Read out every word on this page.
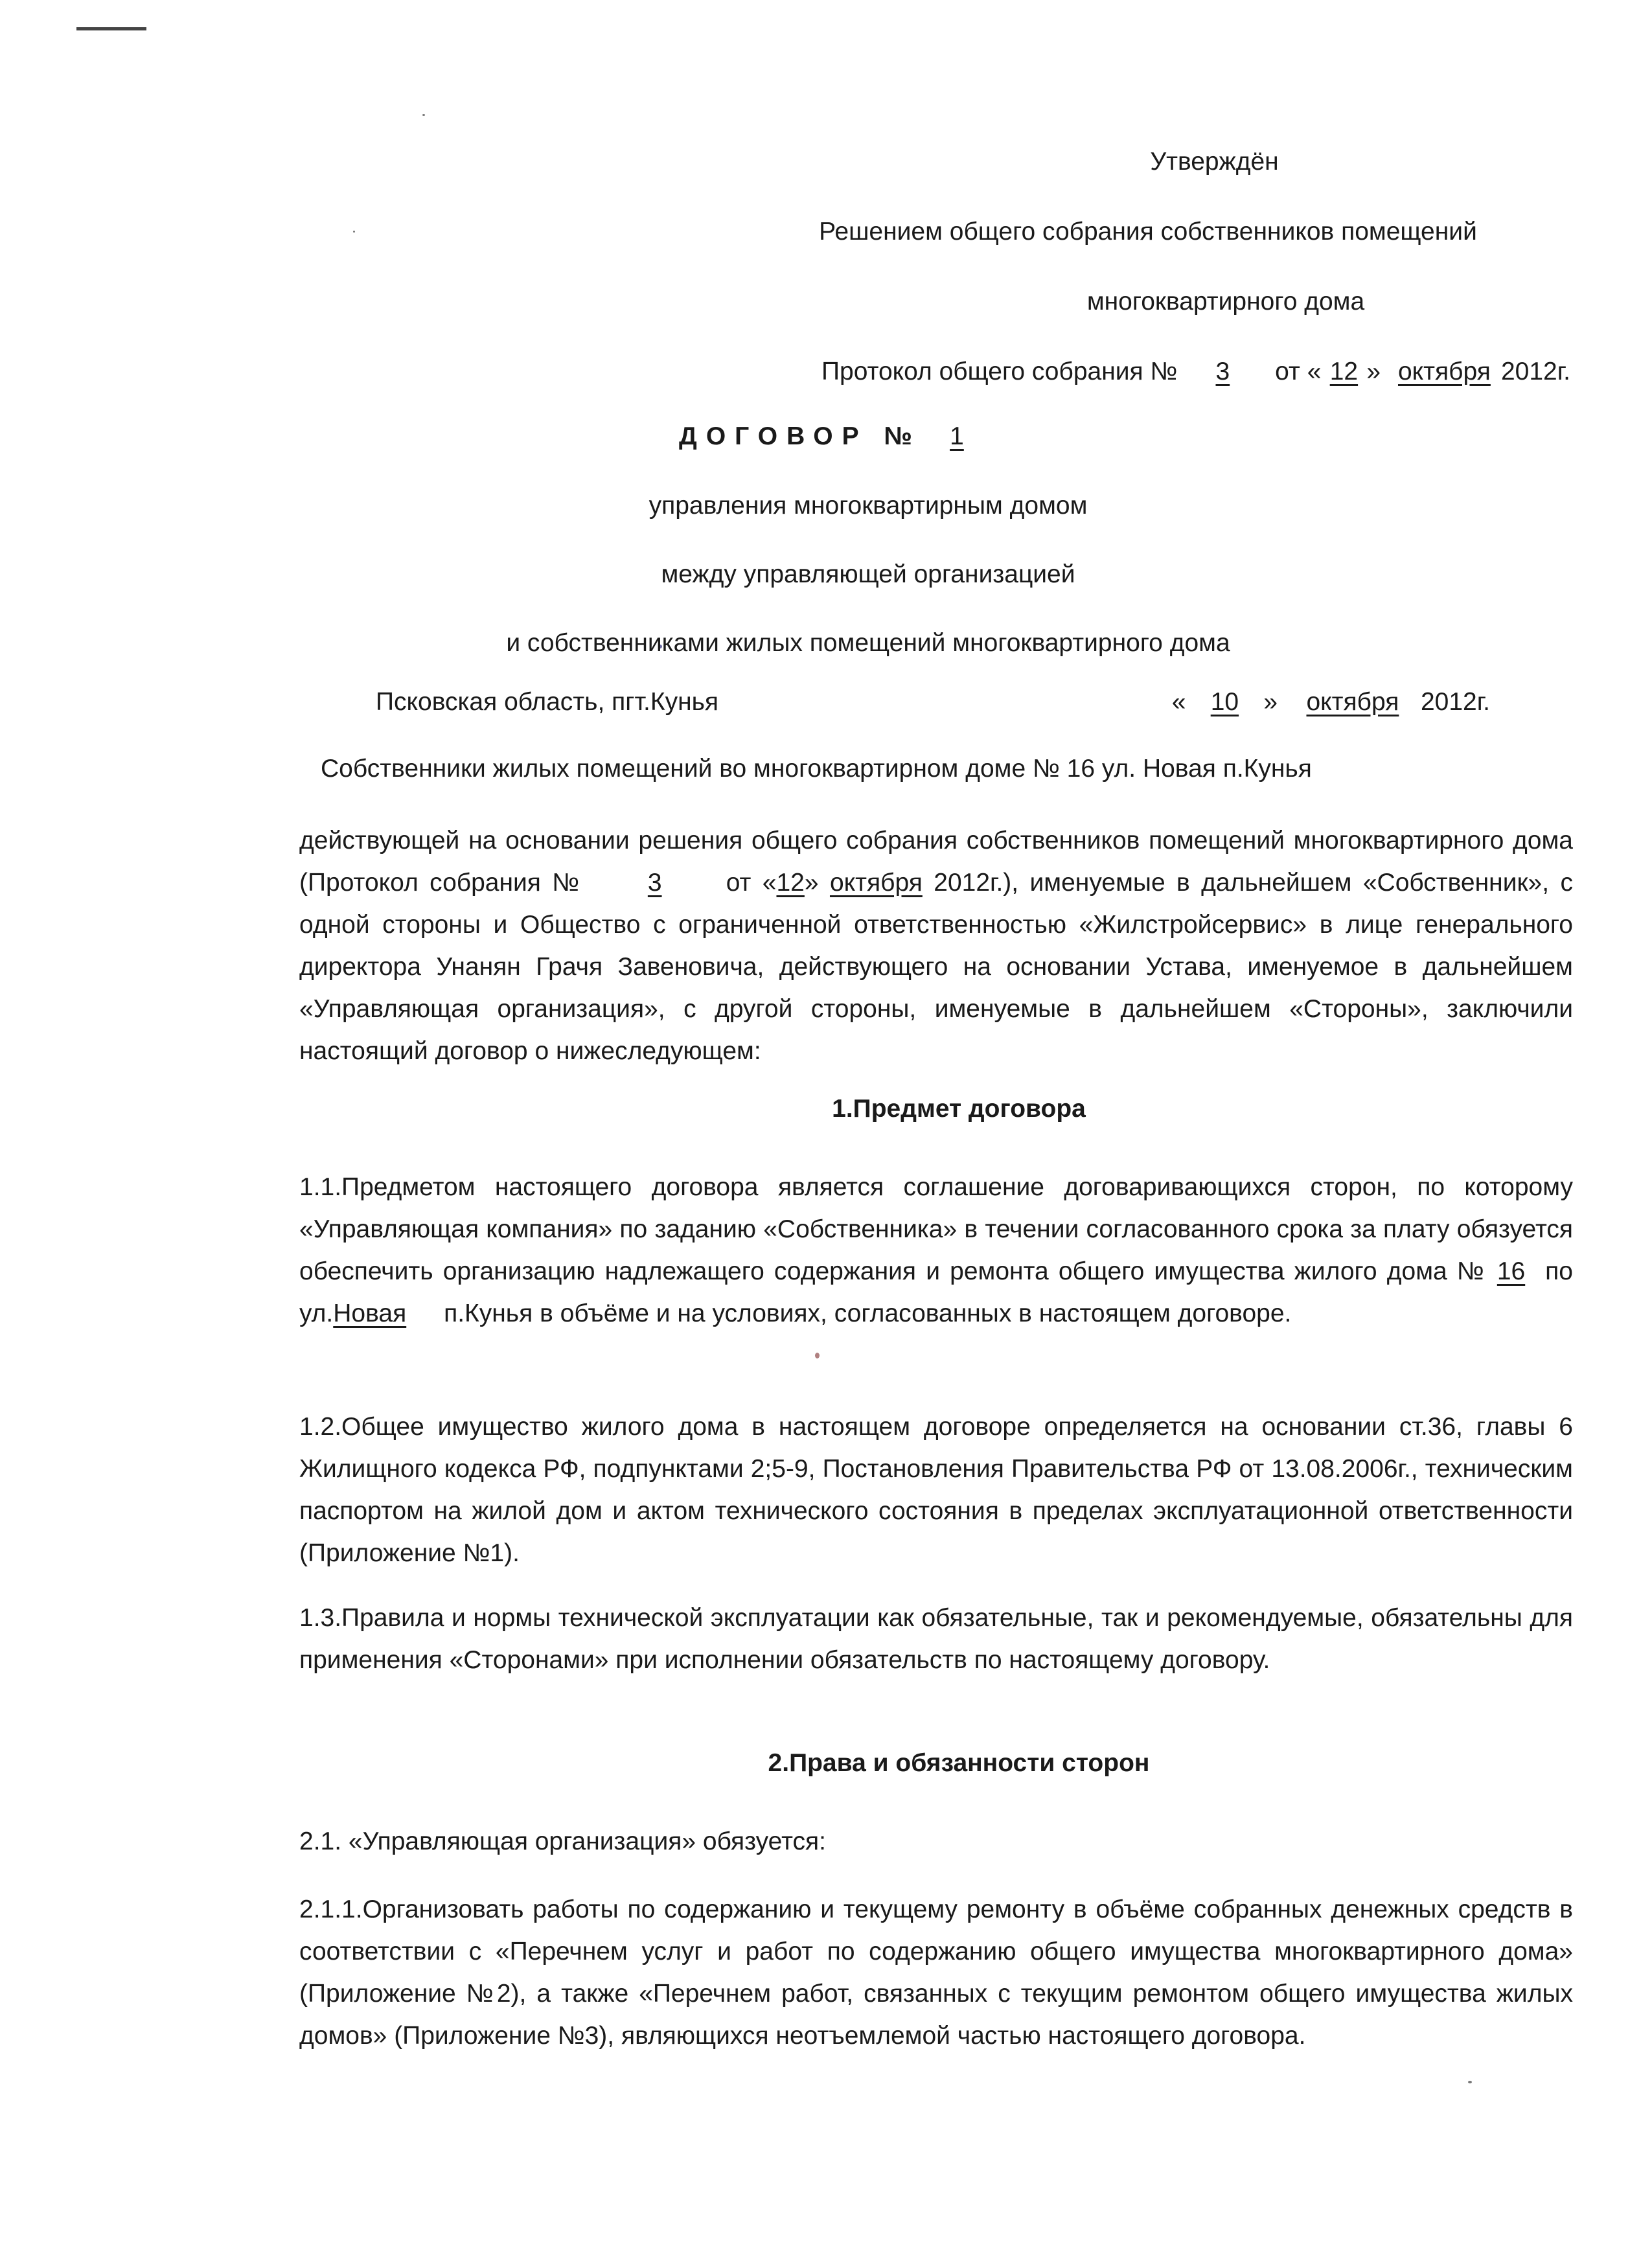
Утверждён
Решением общего собрания собственников помещений
многоквартирного дома
Протокол общего собрания № 3 от « 12 » октября 2012г.
ДОГОВОР № 1
управления многоквартирным домом
между управляющей организацией
и собственниками жилых помещений многоквартирного дома
Псковская область, пгт.Кунья	« 10 » октября 2012г.
Собственники жилых помещений во многоквартирном доме № 16 ул. Новая п.Кунья
действующей на основании решения общего собрания собственников помещений многоквартирного дома (Протокол собрания №	3	от «12» октября 2012г.), именуемые в дальнейшем «Собственник», с одной стороны и Общество с ограниченной ответственностью «Жилстройсервис» в лице генерального директора Унанян Грачя Завеновича, действующего на основании Устава, именуемое в дальнейшем «Управляющая организация», с другой стороны, именуемые в дальнейшем «Стороны», заключили настоящий договор о нижеследующем:
1.Предмет договора
1.1.Предметом настоящего договора является соглашение договаривающихся сторон, по которому «Управляющая компания» по заданию «Собственника» в течении согласованного срока за плату обязуется обеспечить организацию надлежащего содержания и ремонта общего имущества жилого дома № 16 по ул.Новая п.Кунья в объёме и на условиях, согласованных в настоящем договоре.
1.2.Общее имущество жилого дома в настоящем договоре определяется на основании ст.36, главы 6 Жилищного кодекса РФ, подпунктами 2;5-9, Постановления Правительства РФ от 13.08.2006г., техническим паспортом на жилой дом и актом технического состояния в пределах эксплуатационной ответственности (Приложение №1).
1.3.Правила и нормы технической эксплуатации как обязательные, так и рекомендуемые, обязательны для применения «Сторонами» при исполнении обязательств по настоящему договору.
2.Права и обязанности сторон
2.1. «Управляющая организация» обязуется:
2.1.1.Организовать работы по содержанию и текущему ремонту в объёме собранных денежных средств в соответствии с «Перечнем услуг и работ по содержанию общего имущества многоквартирного дома» (Приложение №2), а также «Перечнем работ, связанных с текущим ремонтом общего имущества жилых домов» (Приложение №3), являющихся неотъемлемой частью настоящего договора.
